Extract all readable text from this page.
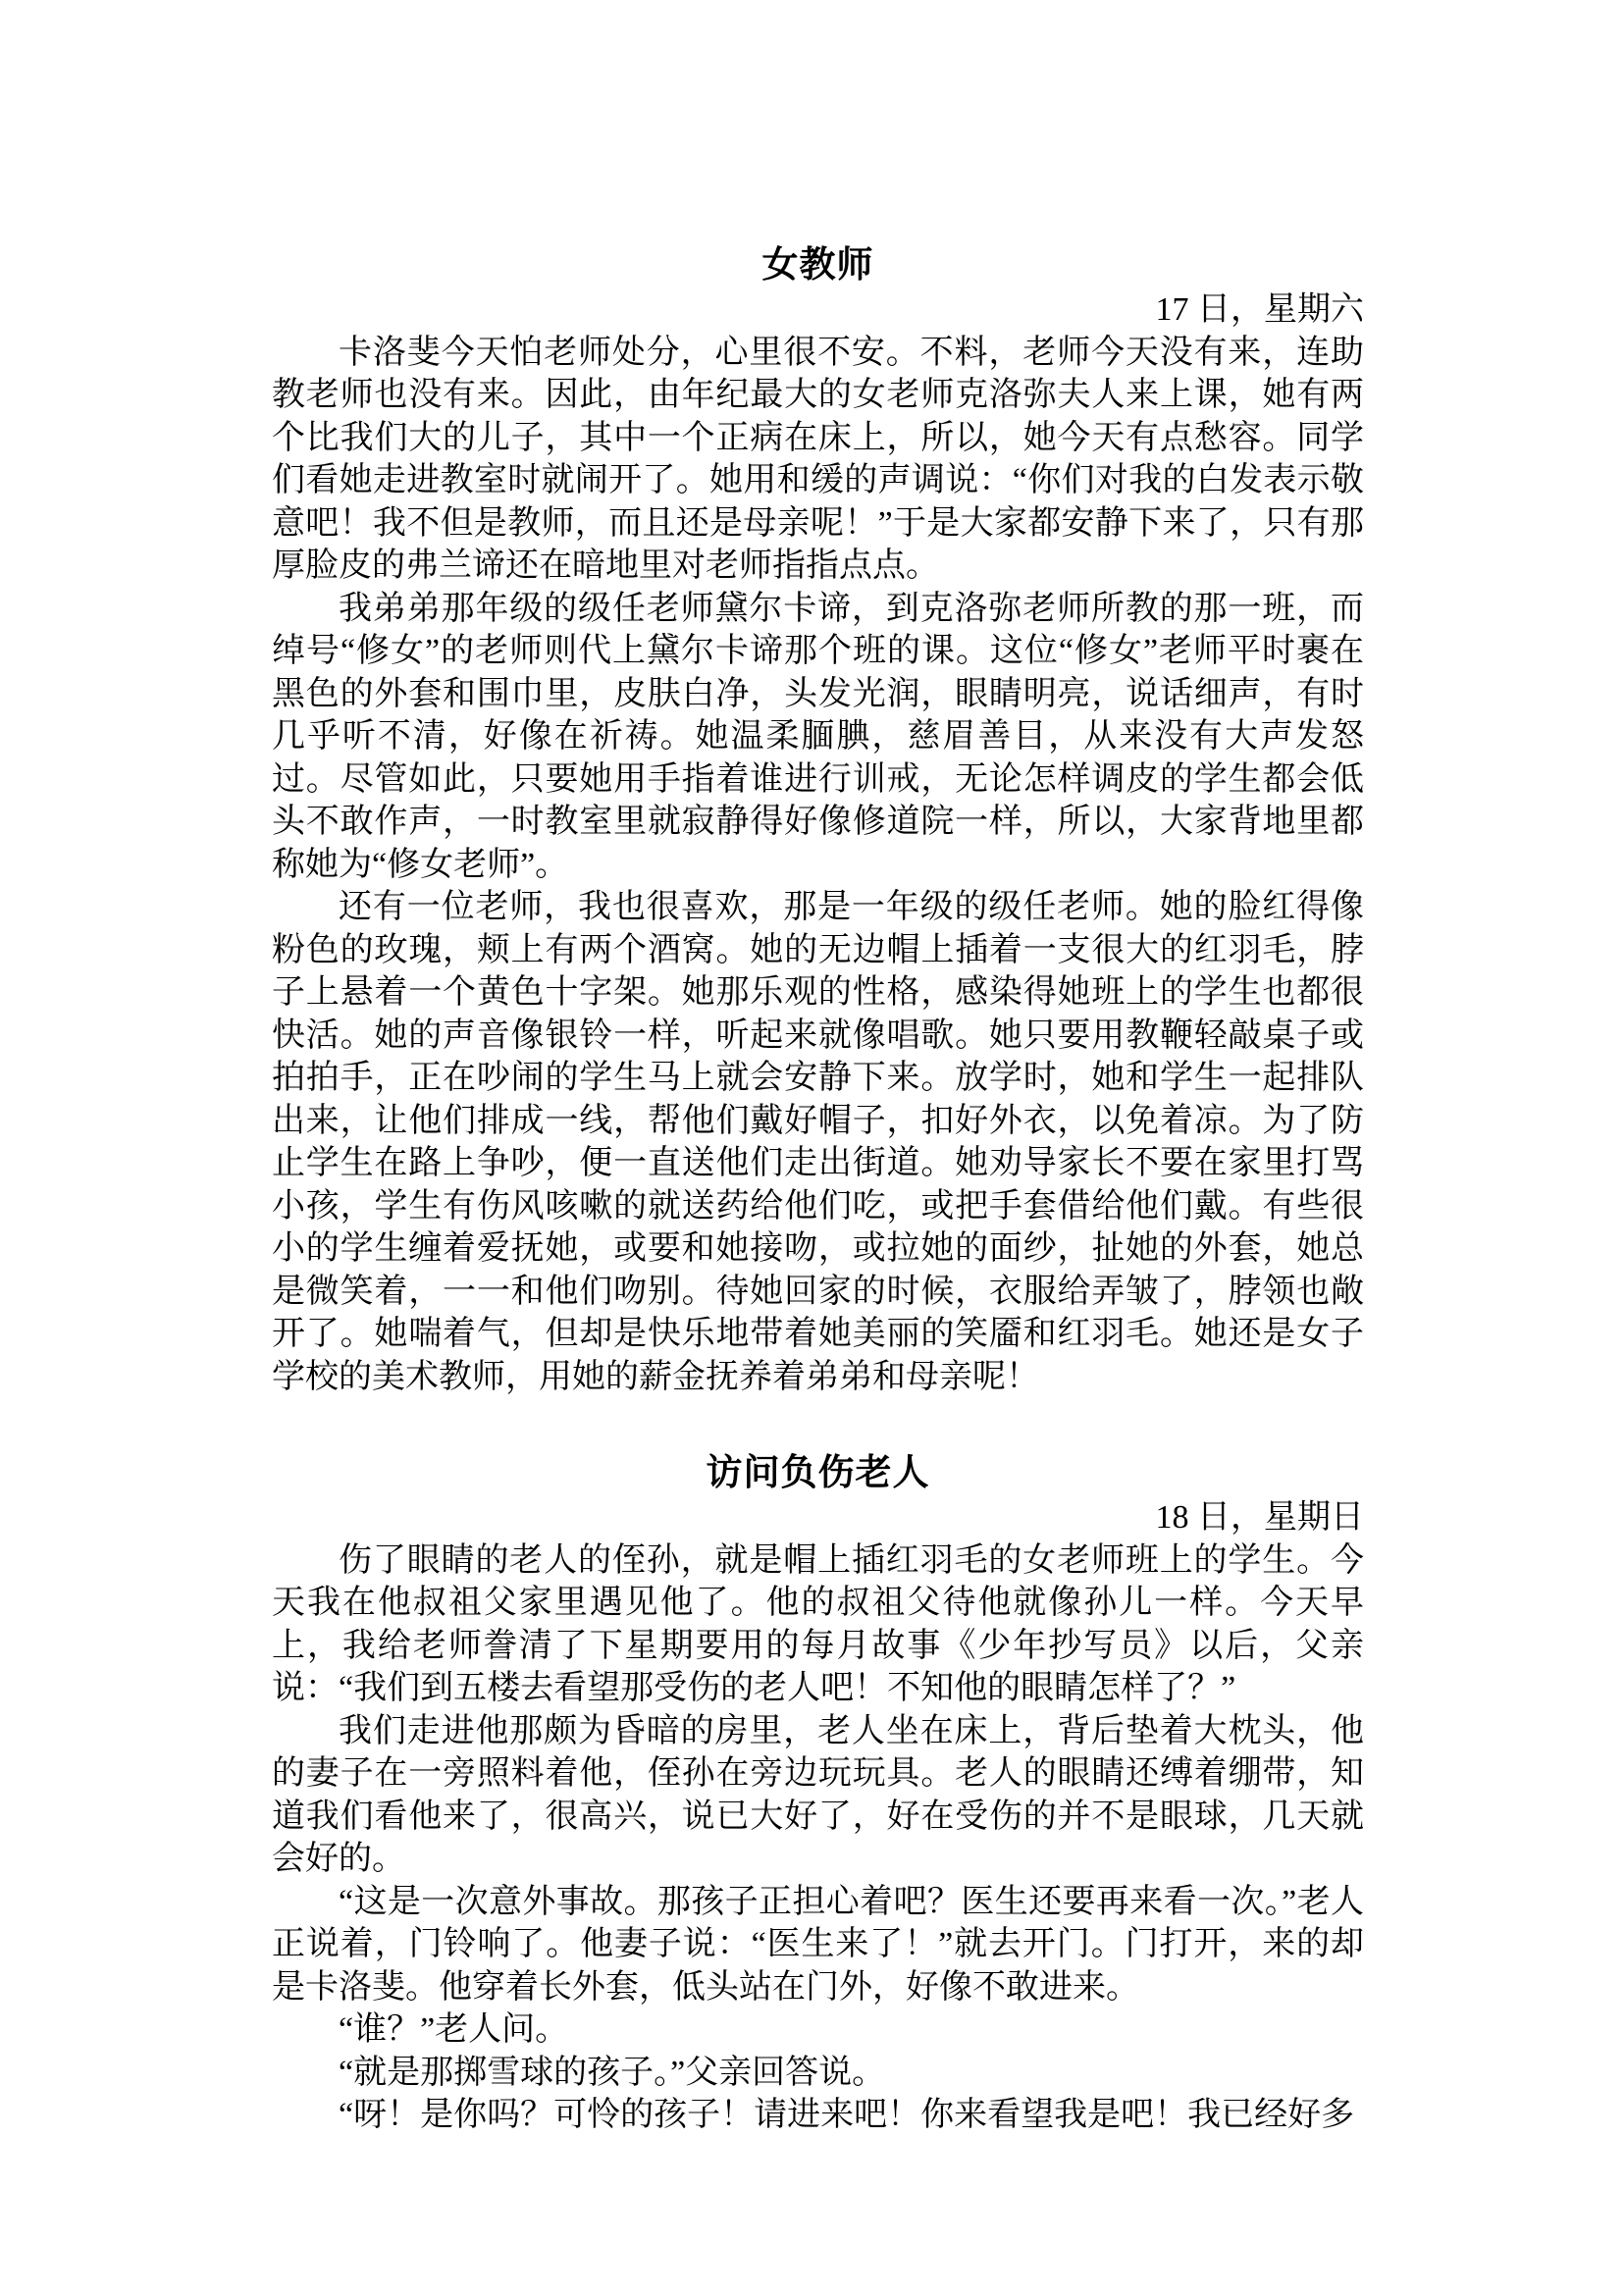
女教师

17 日，星期六

卡洛斐今天怕老师处分，心里很不安。不料，老师今天没有来，连助教老师也没有来。因此，由年纪最大的女老师克洛弥夫人来上课，她有两个比我们大的儿子，其中一个正病在床上，所以，她今天有点愁容。同学们看她走进教室时就闹开了。她用和缓的声调说：“你们对我的白发表示敬意吧！我不但是教师，而且还是母亲呢！”于是大家都安静下来了，只有那厚脸皮的弗兰谛还在暗地里对老师指指点点。

我弟弟那年级的级任老师黛尔卡谛，到克洛弥老师所教的那一班，而绰号“修女”的老师则代上黛尔卡谛那个班的课。这位“修女”老师平时裹在黑色的外套和围巾里，皮肤白净，头发光润，眼睛明亮，说话细声，有时几乎听不清，好像在祈祷。她温柔腼腆，慈眉善目，从来没有大声发怒过。尽管如此，只要她用手指着谁进行训戒，无论怎样调皮的学生都会低头不敢作声，一时教室里就寂静得好像修道院一样，所以，大家背地里都称她为“修女老师”。

还有一位老师，我也很喜欢，那是一年级的级任老师。她的脸红得像粉色的玫瑰，颊上有两个酒窝。她的无边帽上插着一支很大的红羽毛，脖子上悬着一个黄色十字架。她那乐观的性格，感染得她班上的学生也都很快活。她的声音像银铃一样，听起来就像唱歌。她只要用教鞭轻敲桌子或拍拍手，正在吵闹的学生马上就会安静下来。放学时，她和学生一起排队出来，让他们排成一线，帮他们戴好帽子，扣好外衣，以免着凉。为了防止学生在路上争吵，便一直送他们走出街道。她劝导家长不要在家里打骂小孩，学生有伤风咳嗽的就送药给他们吃，或把手套借给他们戴。有些很小的学生缠着爱抚她，或要和她接吻，或拉她的面纱，扯她的外套，她总是微笑着，一一和他们吻别。待她回家的时候，衣服给弄皱了，脖领也敞开了。她喘着气，但却是快乐地带着她美丽的笑靥和红羽毛。她还是女子学校的美术教师，用她的薪金抚养着弟弟和母亲呢！

访问负伤老人

18 日，星期日

伤了眼睛的老人的侄孙，就是帽上插红羽毛的女老师班上的学生。今天我在他叔祖父家里遇见他了。他的叔祖父待他就像孙儿一样。今天早上，我给老师誊清了下星期要用的每月故事《少年抄写员》以后，父亲说：“我们到五楼去看望那受伤的老人吧！不知他的眼睛怎样了？”

我们走进他那颇为昏暗的房里，老人坐在床上，背后垫着大枕头，他的妻子在一旁照料着他，侄孙在旁边玩玩具。老人的眼睛还缚着绷带，知道我们看他来了，很高兴，说已大好了，好在受伤的并不是眼球，几天就会好的。

“这是一次意外事故。那孩子正担心着吧？医生还要再来看一次。”老人正说着，门铃响了。他妻子说：“医生来了！”就去开门。门打开，来的却是卡洛斐。他穿着长外套，低头站在门外，好像不敢进来。

“谁？”老人问。

“就是那掷雪球的孩子。”父亲回答说。

“呀！是你吗？可怜的孩子！请进来吧！你来看望我是吧！我已经好多
